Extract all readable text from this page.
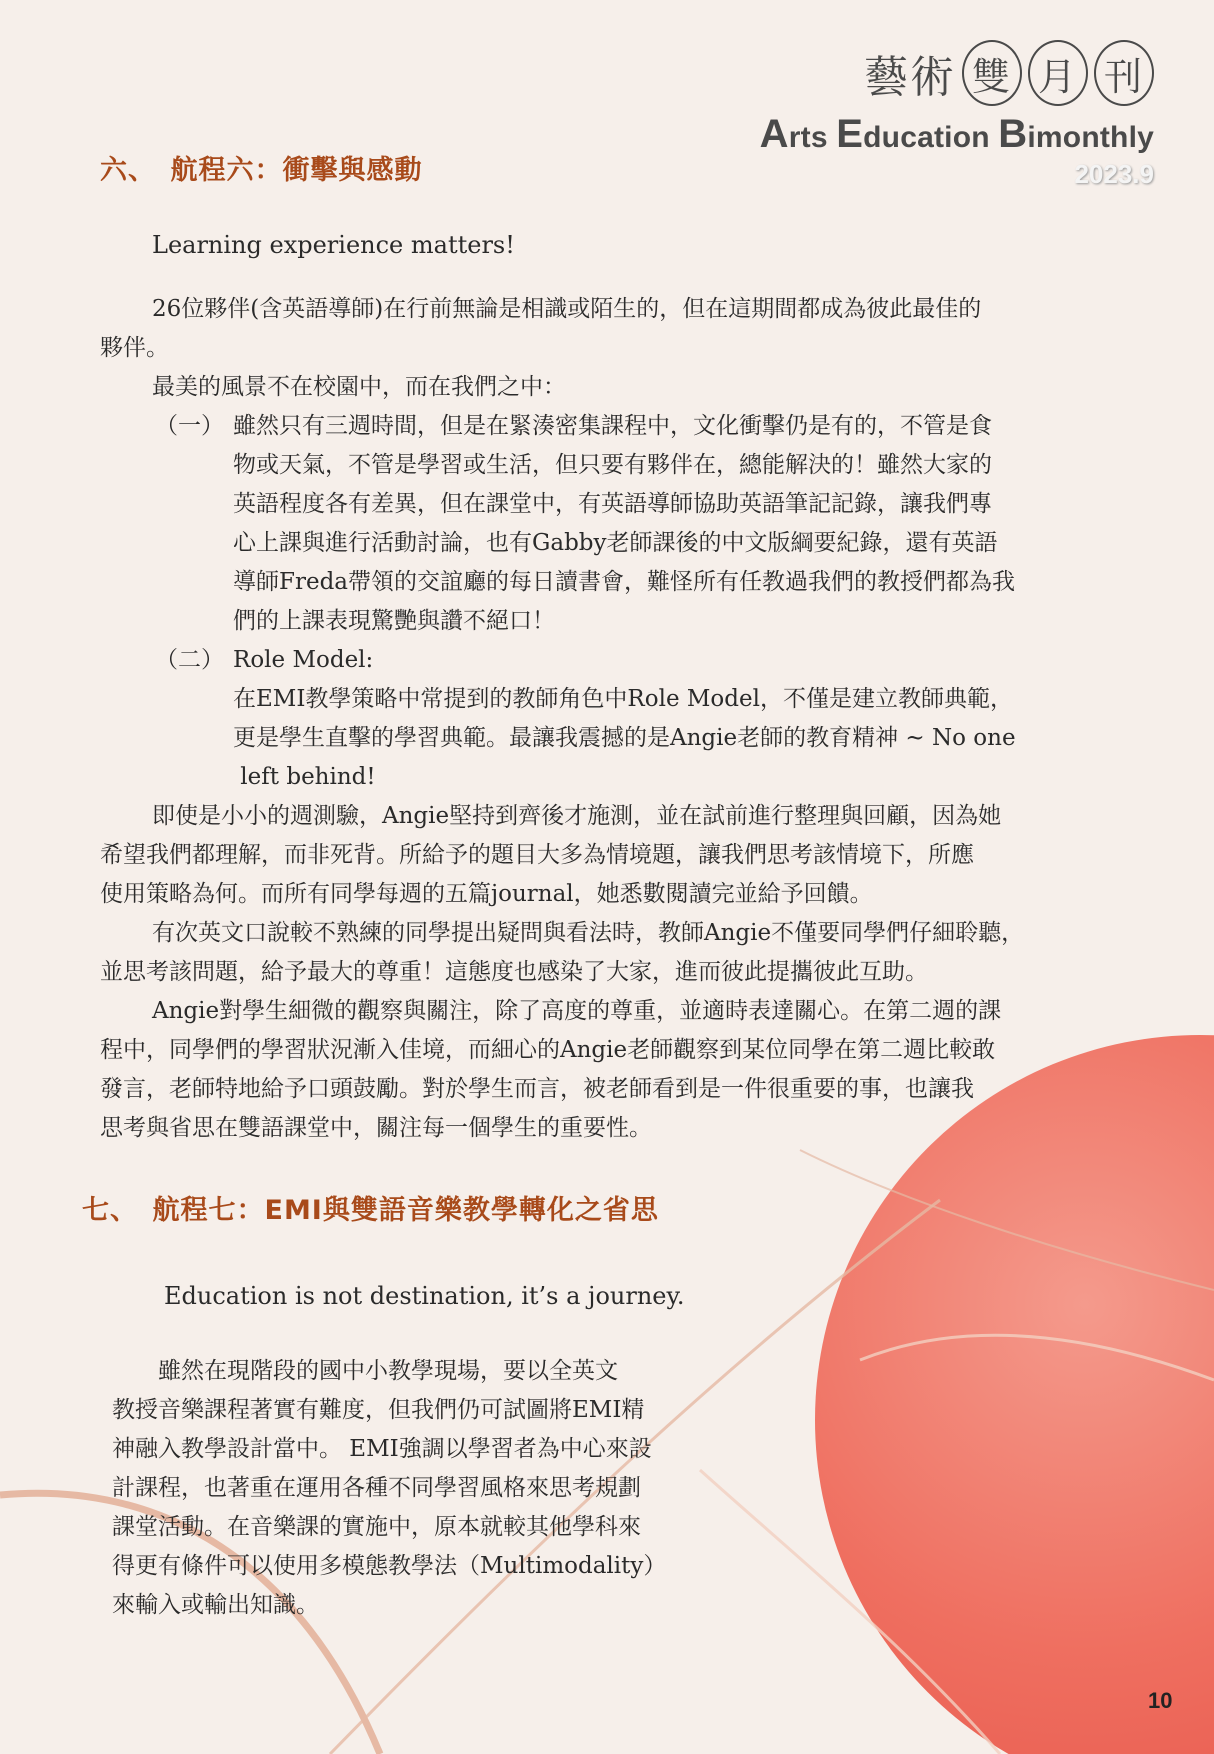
藝術 雙 月 刊
Arts Education Bimonthly
2023.9
六、　航程六：衝擊與感動
Learning experience matters!
26位夥伴(含英語導師)在行前無論是相識或陌生的，但在這期間都成為彼此最佳的
夥伴。
最美的風景不在校園中，而在我們之中：
（一） 雖然只有三週時間，但是在緊湊密集課程中，文化衝擊仍是有的，不管是食
物或天氣，不管是學習或生活，但只要有夥伴在，總能解決的！雖然大家的
英語程度各有差異，但在課堂中，有英語導師協助英語筆記記錄，讓我們專
心上課與進行活動討論，也有Gabby老師課後的中文版綱要紀錄，還有英語
導師Freda帶領的交誼廳的每日讀書會，難怪所有任教過我們的教授們都為我
們的上課表現驚艷與讚不絕口！
（二） Role Model:
在EMI教學策略中常提到的教師角色中Role Model，不僅是建立教師典範，
更是學生直擊的學習典範。最讓我震撼的是Angie老師的教育精神 ~ No one
left behind!
即使是小小的週測驗，Angie堅持到齊後才施測，並在試前進行整理與回顧，因為她
希望我們都理解，而非死背。所給予的題目大多為情境題，讓我們思考該情境下，所應
使用策略為何。而所有同學每週的五篇journal，她悉數閱讀完並給予回饋。
有次英文口說較不熟練的同學提出疑問與看法時，教師Angie不僅要同學們仔細聆聽，
並思考該問題，給予最大的尊重！這態度也感染了大家，進而彼此提攜彼此互助。
Angie對學生細微的觀察與關注，除了高度的尊重，並適時表達關心。在第二週的課
程中，同學們的學習狀況漸入佳境，而細心的Angie老師觀察到某位同學在第二週比較敢
發言，老師特地給予口頭鼓勵。對於學生而言，被老師看到是一件很重要的事，也讓我
思考與省思在雙語課堂中，關注每一個學生的重要性。
七、　航程七：EMI與雙語音樂教學轉化之省思
Education is not destination, it’s a journey.
　　雖然在現階段的國中小教學現場，要以全英文
教授音樂課程著實有難度，但我們仍可試圖將EMI精
神融入教學設計當中。 EMI強調以學習者為中心來設
計課程，也著重在運用各種不同學習風格來思考規劃
課堂活動。在音樂課的實施中，原本就較其他學科來
得更有條件可以使用多模態教學法（Multimodality）
來輸入或輸出知識。
10
